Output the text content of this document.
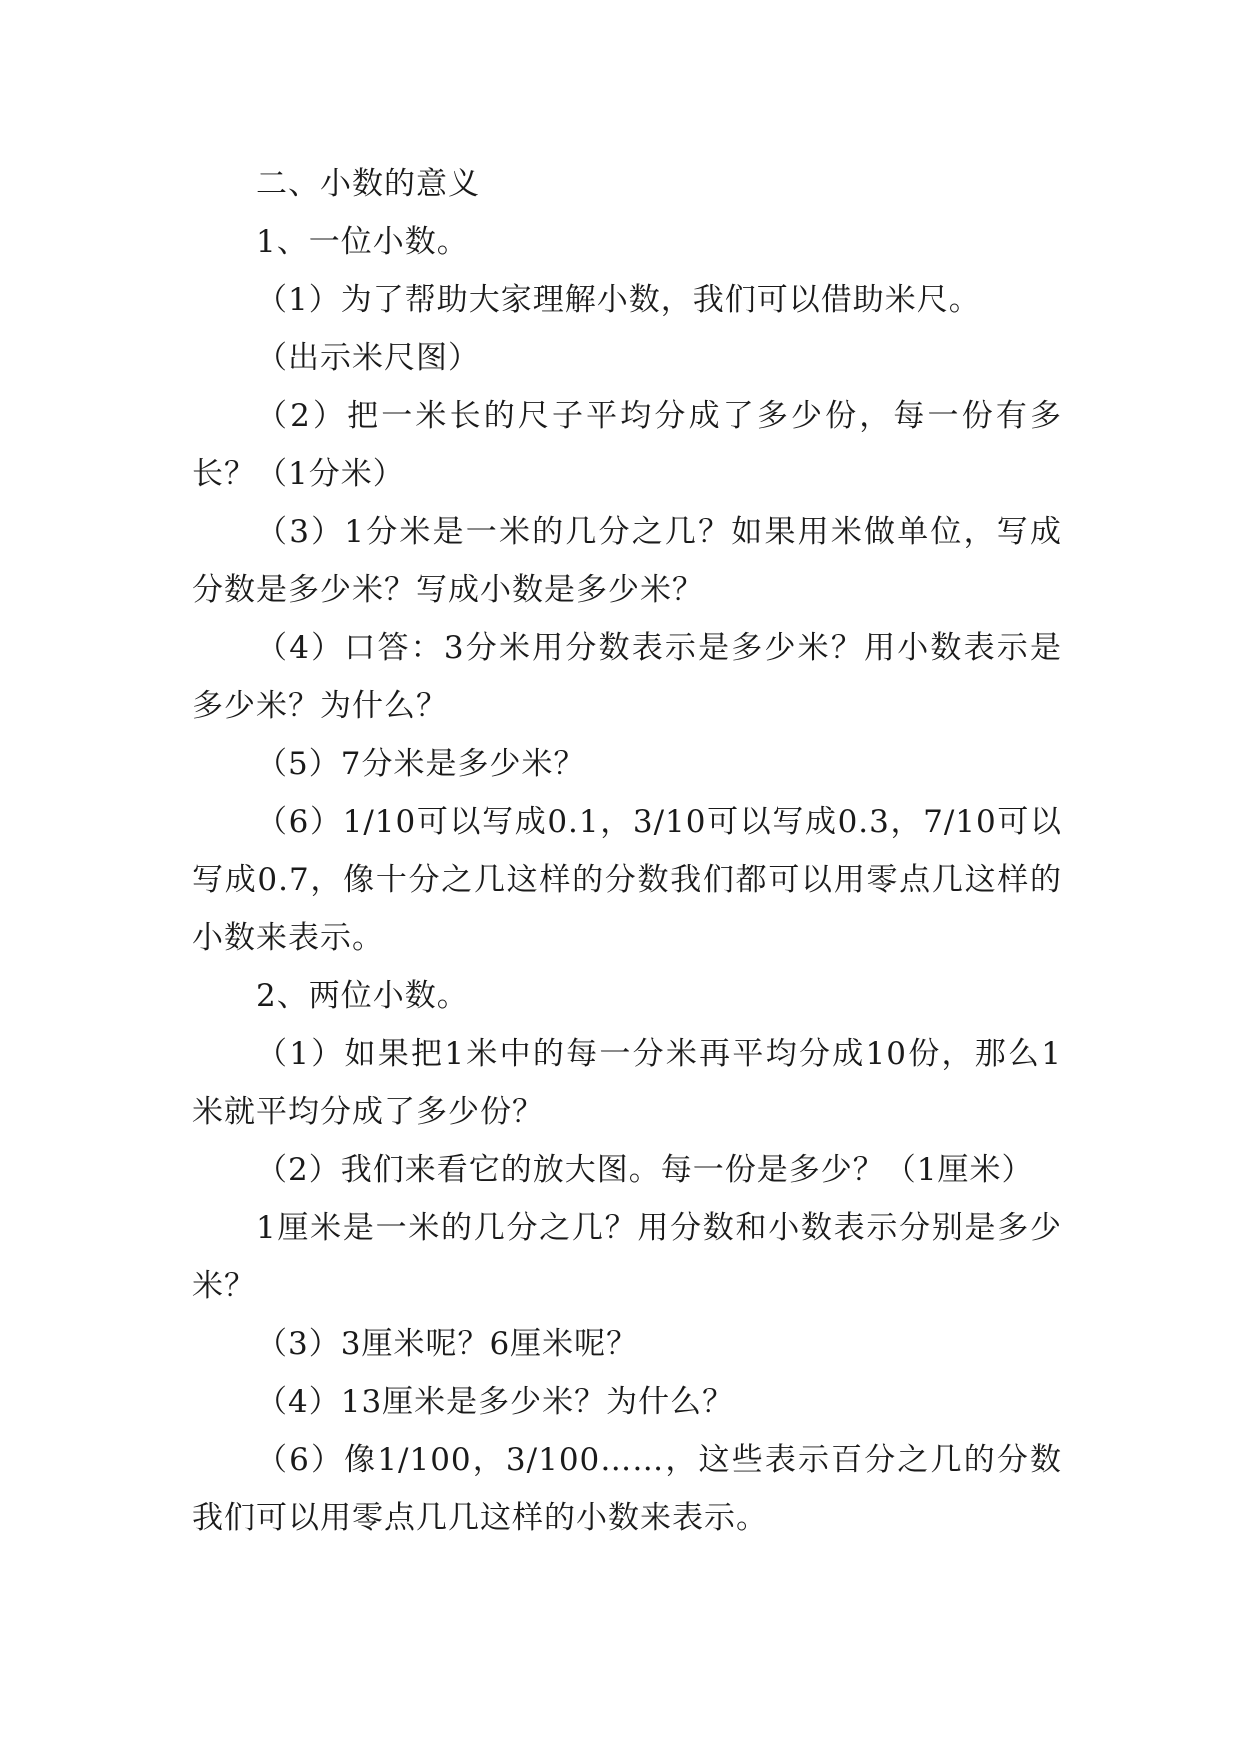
二、小数的意义

1、一位小数。

（1）为了帮助大家理解小数，我们可以借助米尺。

（出示米尺图）

（2）把一米长的尺子平均分成了多少份，每一份有多长？（1分米）

（3）1分米是一米的几分之几？如果用米做单位，写成分数是多少米？写成小数是多少米？

（4）口答：3分米用分数表示是多少米？用小数表示是多少米？为什么？

（5）7分米是多少米？

（6）1/10可以写成0.1，3/10可以写成0.3，7/10可以写成0.7，像十分之几这样的分数我们都可以用零点几这样的小数来表示。

2、两位小数。

（1）如果把1米中的每一分米再平均分成10份，那么1米就平均分成了多少份？

（2）我们来看它的放大图。每一份是多少？（1厘米）

1厘米是一米的几分之几？用分数和小数表示分别是多少米？

（3）3厘米呢？6厘米呢？

（4）13厘米是多少米？为什么？

（6）像1/100，3/100……，这些表示百分之几的分数我们可以用零点几几这样的小数来表示。
